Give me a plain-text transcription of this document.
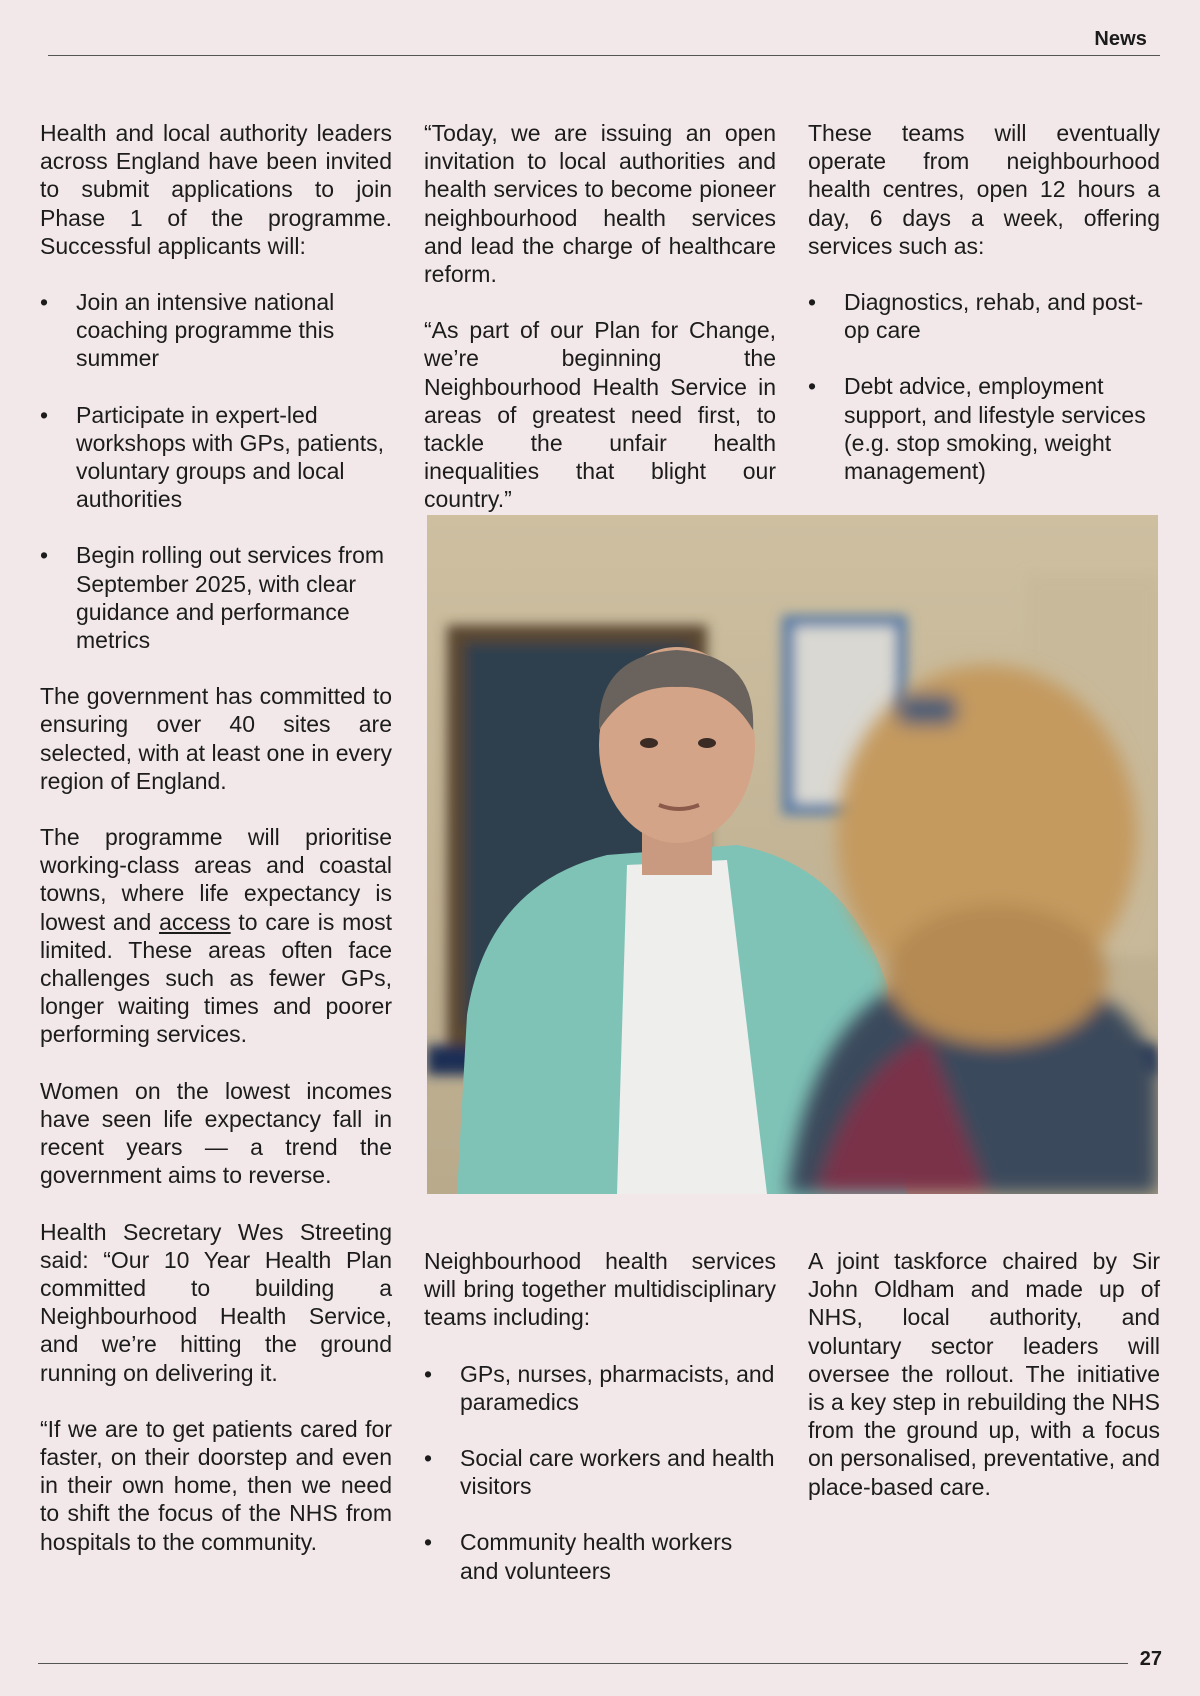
News

Health and local authority leaders across England have been invited to submit applications to join Phase 1 of the programme. Successful applicants will:

• Join an intensive national coaching programme this summer
• Participate in expert-led workshops with GPs, patients, voluntary groups and local authorities
• Begin rolling out services from September 2025, with clear guidance and performance metrics

The government has committed to ensuring over 40 sites are selected, with at least one in every region of England.

The programme will prioritise working-class areas and coastal towns, where life expectancy is lowest and access to care is most limited. These areas often face challenges such as fewer GPs, longer waiting times and poorer performing services.

Women on the lowest incomes have seen life expectancy fall in recent years — a trend the government aims to reverse.

Health Secretary Wes Streeting said: “Our 10 Year Health Plan committed to building a Neighbourhood Health Service, and we’re hitting the ground running on delivering it.

“If we are to get patients cared for faster, on their doorstep and even in their own home, then we need to shift the focus of the NHS from hospitals to the community.

“Today, we are issuing an open invitation to local authorities and health services to become pioneer neighbourhood health services and lead the charge of healthcare reform.

“As part of our Plan for Change, we’re beginning the Neighbourhood Health Service in areas of greatest need first, to tackle the unfair health inequalities that blight our country.”

These teams will eventually operate from neighbourhood health centres, open 12 hours a day, 6 days a week, offering services such as:

• Diagnostics, rehab, and post-op care
• Debt advice, employment support, and lifestyle services (e.g. stop smoking, weight management)

Neighbourhood health services will bring together multidisciplinary teams including:

• GPs, nurses, pharmacists, and paramedics
• Social care workers and health visitors
• Community health workers and volunteers

A joint taskforce chaired by Sir John Oldham and made up of NHS, local authority, and voluntary sector leaders will oversee the rollout. The initiative is a key step in rebuilding the NHS from the ground up, with a focus on personalised, preventative, and place-based care.

27
